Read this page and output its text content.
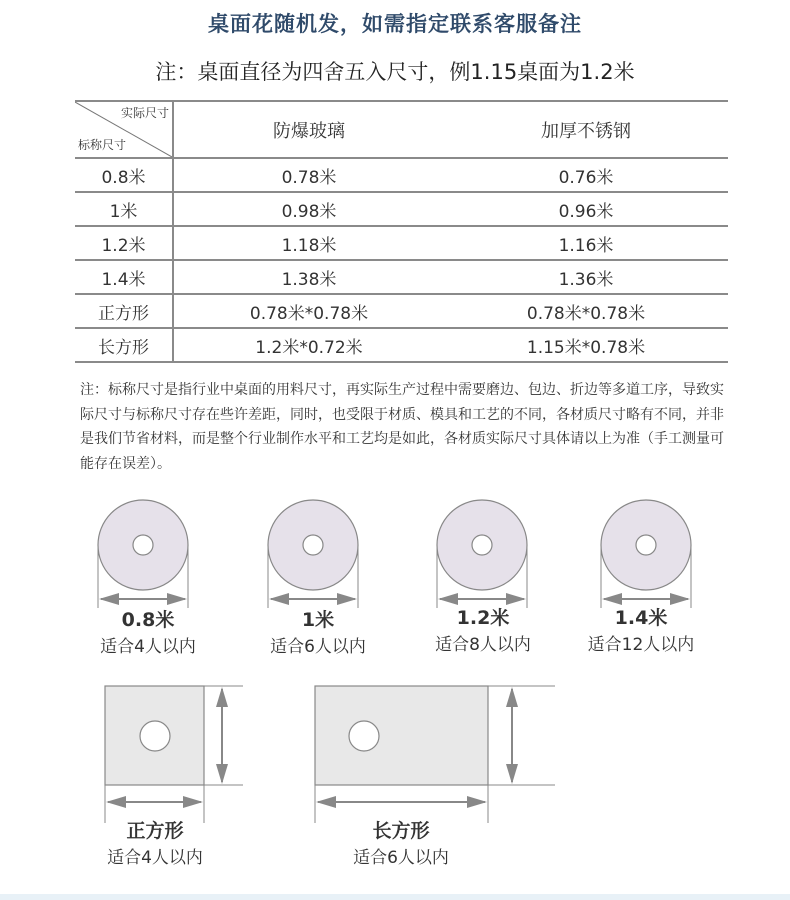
桌面花随机发，如需指定联系客服备注
注：桌面直径为四舍五入尺寸，例1.15桌面为1.2米
实际尺寸
标称尺寸	防爆玻璃	加厚不锈钢
0.8米	0.78米	0.76米
1米	0.98米	0.96米
1.2米	1.18米	1.16米
1.4米	1.38米	1.36米
正方形	0.78米*0.78米	0.78米*0.78米
长方形	1.2米*0.72米	1.15米*0.78米
注：标称尺寸是指行业中桌面的用料尺寸，再实际生产过程中需要磨边、包边、折边等多道工序，导致实际尺寸与标称尺寸存在些许差距，同时，也受限于材质、模具和工艺的不同，各材质尺寸略有不同，并非是我们节省材料，而是整个行业制作水平和工艺均是如此，各材质实际尺寸具体请以上为准（手工测量可能存在误差）。
0.8米
适合4人以内
1米
适合6人以内
1.2米
适合8人以内
1.4米
适合12人以内
正方形
适合4人以内
长方形
适合6人以内
